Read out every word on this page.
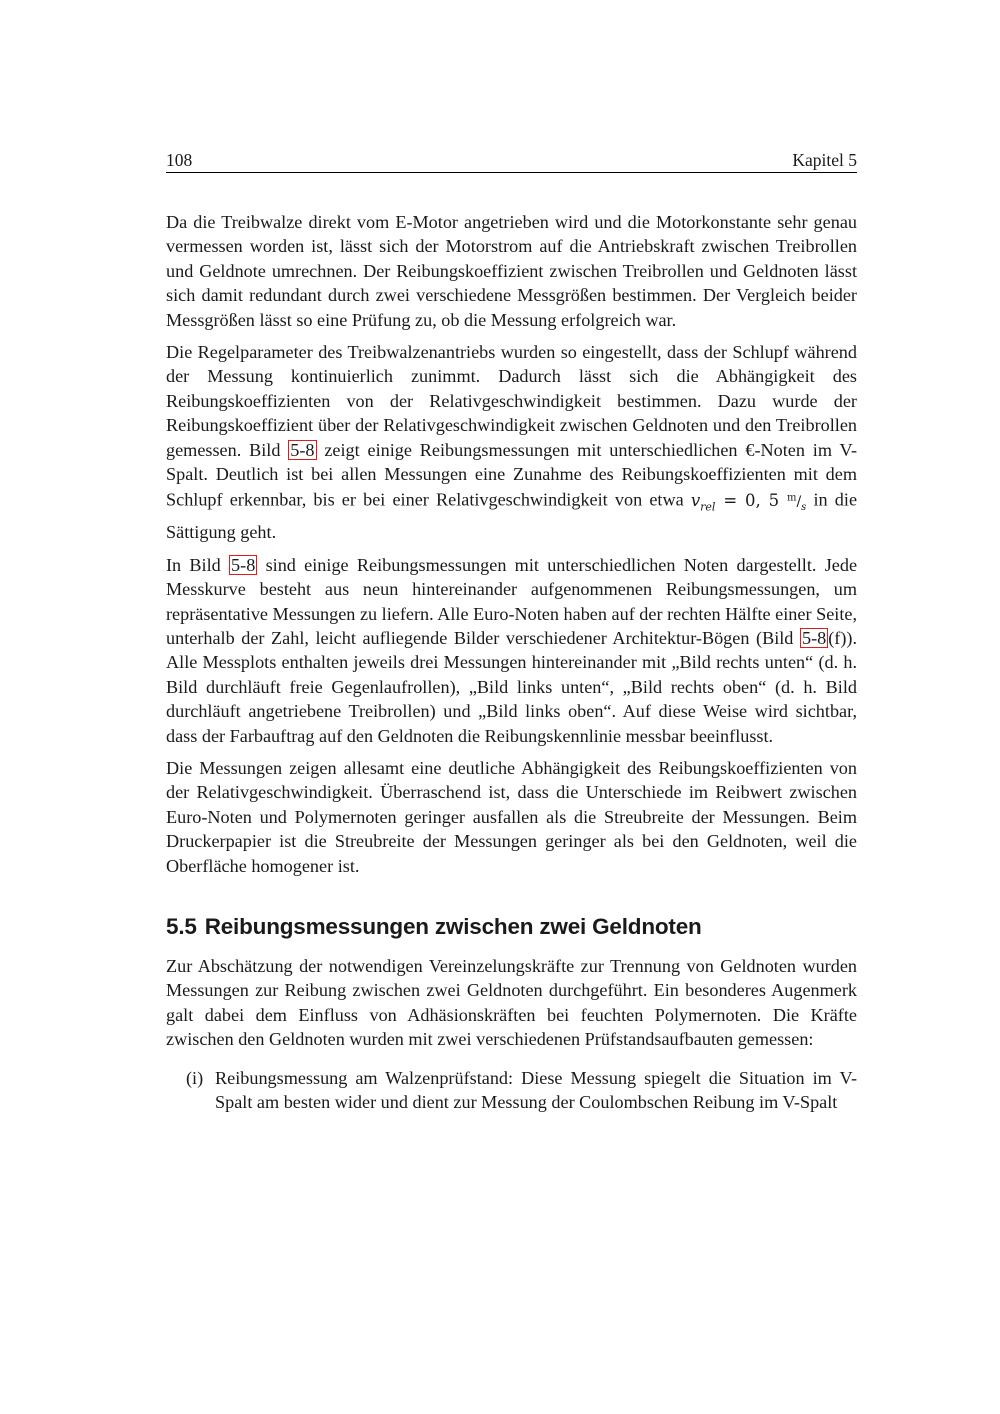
108	Kapitel 5

Da die Treibwalze direkt vom E-Motor angetrieben wird und die Motorkonstante sehr genau vermessen worden ist, lässt sich der Motorstrom auf die Antriebskraft zwischen Treibrollen und Geldnote umrechnen. Der Reibungskoeffizient zwischen Treibrollen und Geldnoten lässt sich damit redundant durch zwei verschiedene Messgrößen bestimmen. Der Vergleich beider Messgrößen lässt so eine Prüfung zu, ob die Messung erfolgreich war.

Die Regelparameter des Treibwalzenantriebs wurden so eingestellt, dass der Schlupf während der Messung kontinuierlich zunimmt. Dadurch lässt sich die Abhängigkeit des Reibungskoeffizienten von der Relativgeschwindigkeit bestimmen. Dazu wurde der Reibungskoeffizient über der Relativgeschwindigkeit zwischen Geldnoten und den Treibrollen gemessen. Bild 5-8 zeigt einige Reibungsmessungen mit unterschiedlichen €-Noten im V-Spalt. Deutlich ist bei allen Messungen eine Zunahme des Reibungskoeffizienten mit dem Schlupf erkennbar, bis er bei einer Relativgeschwindigkeit von etwa $v_{rel} = 0$, 5 $^m/_s$ in die Sättigung geht.

In Bild 5-8 sind einige Reibungsmessungen mit unterschiedlichen Noten dargestellt. Jede Messkurve besteht aus neun hintereinander aufgenommenen Reibungsmessungen, um repräsentative Messungen zu liefern. Alle Euro-Noten haben auf der rechten Hälfte einer Seite, unterhalb der Zahl, leicht aufliegende Bilder verschiedener Architektur-Bögen (Bild 5-8 (f)). Alle Messplots enthalten jeweils drei Messungen hintereinander mit „Bild rechts unten“ (d. h. Bild durchläuft freie Gegenlaufrollen), „Bild links unten“, „Bild rechts oben“ (d. h. Bild durchläuft angetriebene Treibrollen) und „Bild links oben“. Auf diese Weise wird sichtbar, dass der Farbauftrag auf den Geldnoten die Reibungskennlinie messbar beeinflusst.

Die Messungen zeigen allesamt eine deutliche Abhängigkeit des Reibungskoeffizienten von der Relativgeschwindigkeit. Überraschend ist, dass die Unterschiede im Reibwert zwischen Euro-Noten und Polymernoten geringer ausfallen als die Streubreite der Messungen. Beim Druckerpapier ist die Streubreite der Messungen geringer als bei den Geldnoten, weil die Oberfläche homogener ist.

5.5 Reibungsmessungen zwischen zwei Geldnoten

Zur Abschätzung der notwendigen Vereinzelungskräfte zur Trennung von Geldnoten wurden Messungen zur Reibung zwischen zwei Geldnoten durchgeführt. Ein besonderes Augenmerk galt dabei dem Einfluss von Adhäsionskräften bei feuchten Polymernoten. Die Kräfte zwischen den Geldnoten wurden mit zwei verschiedenen Prüfstandsaufbauten gemessen:

(i) Reibungsmessung am Walzenprüfstand: Diese Messung spiegelt die Situation im V-Spalt am besten wider und dient zur Messung der Coulombschen Reibung im V-Spalt
